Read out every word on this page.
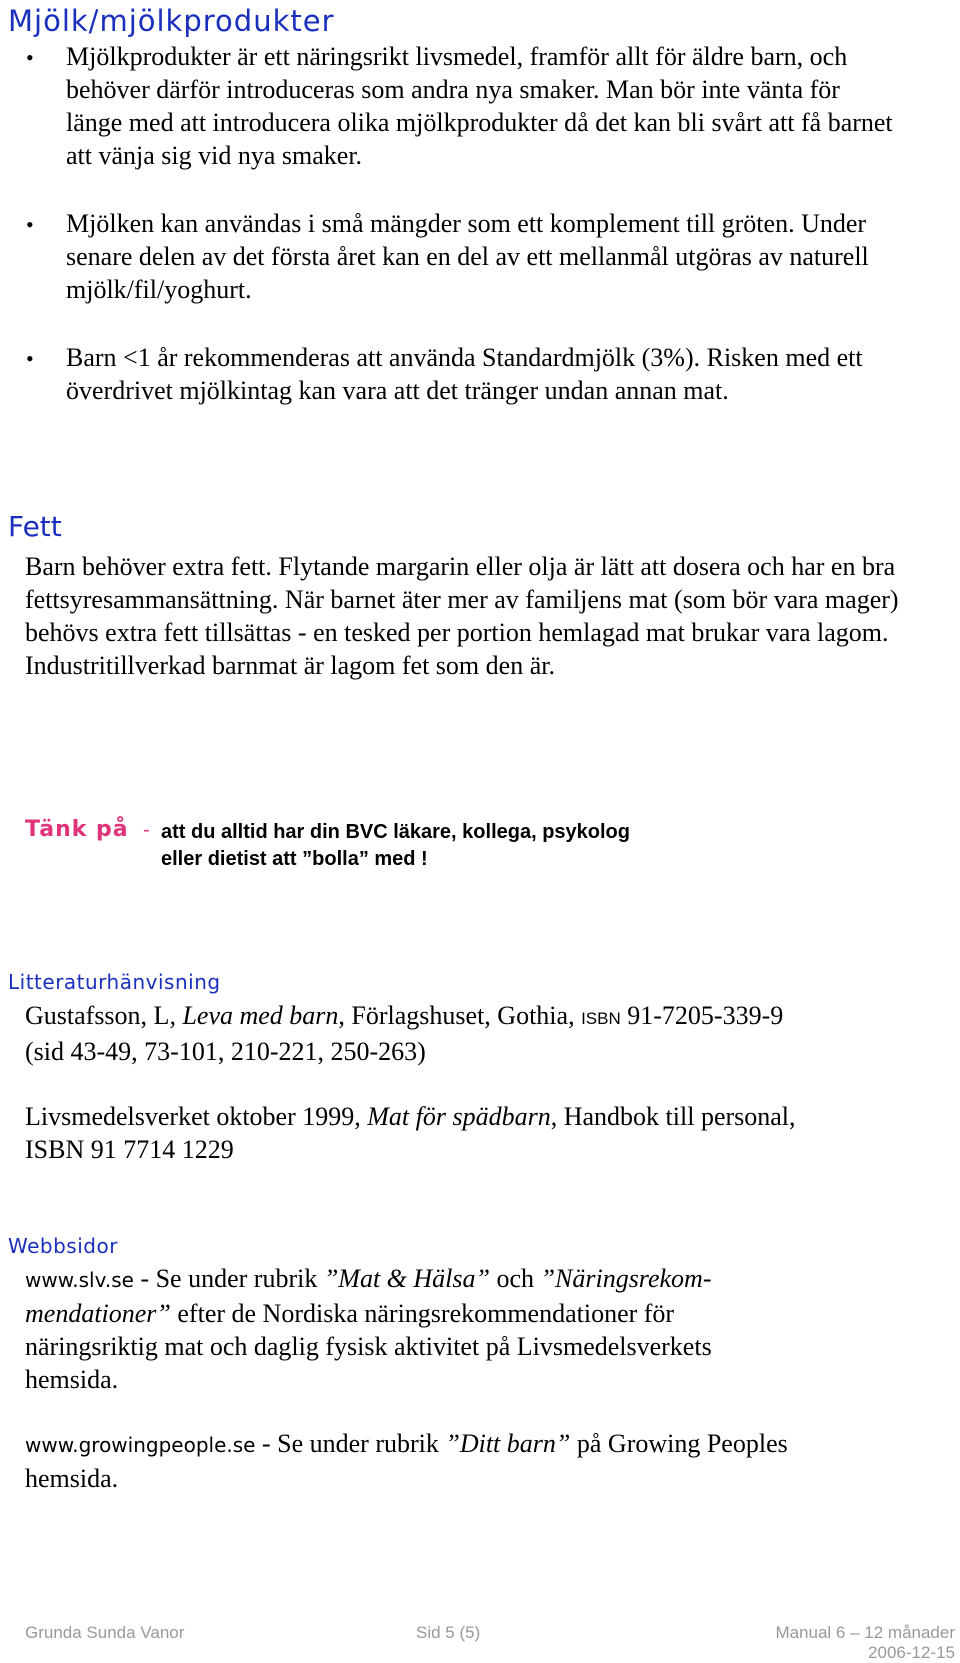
Mjölk/mjölkprodukter
• Mjölkprodukter är ett näringsrikt livsmedel, framför allt för äldre barn, och behöver därför introduceras som andra nya smaker. Man bör inte vänta för länge med att introducera olika mjölkprodukter då det kan bli svårt att få barnet att vänja sig vid nya smaker.
• Mjölken kan användas i små mängder som ett komplement till gröten. Under senare delen av det första året kan en del av ett mellanmål utgöras av naturell mjölk/fil/yoghurt.
• Barn <1 år rekommenderas att använda Standardmjölk (3%). Risken med ett överdrivet mjölkintag kan vara att det tränger undan annan mat.
Fett

Barn behöver extra fett. Flytande margarin eller olja är lätt att dosera och har en bra fettsyresammansättning. När barnet äter mer av familjens mat (som bör vara mager) behövs extra fett tillsättas - en tesked per portion hemlagad mat brukar vara lagom. Industritillverkad barnmat är lagom fet som den är.

Tänk på - att du alltid har din BVC läkare, kollega, psykolog
eller dietist att ”bolla” med !

Litteraturhänvisning

Gustafsson, L, Leva med barn, Förlagshuset, Gothia, ISBN 91-7205-339-9
(sid 43-49, 73-101, 210-221, 250-263)

Livsmedelsverket oktober 1999, Mat för spädbarn, Handbok till personal,
ISBN 91 7714 1229

Webbsidor

www.slv.se - Se under rubrik ”Mat & Hälsa” och ”Näringsrekom-
mendationer” efter de Nordiska näringsrekommendationer för
näringsriktig mat och daglig fysisk aktivitet på Livsmedelsverkets
hemsida.

www.growingpeople.se - Se under rubrik ”Ditt barn” på Growing Peoples
hemsida.

Grunda Sunda Vanor	Sid 5 (5)	Manual 6 – 12 månader
2006-12-15
